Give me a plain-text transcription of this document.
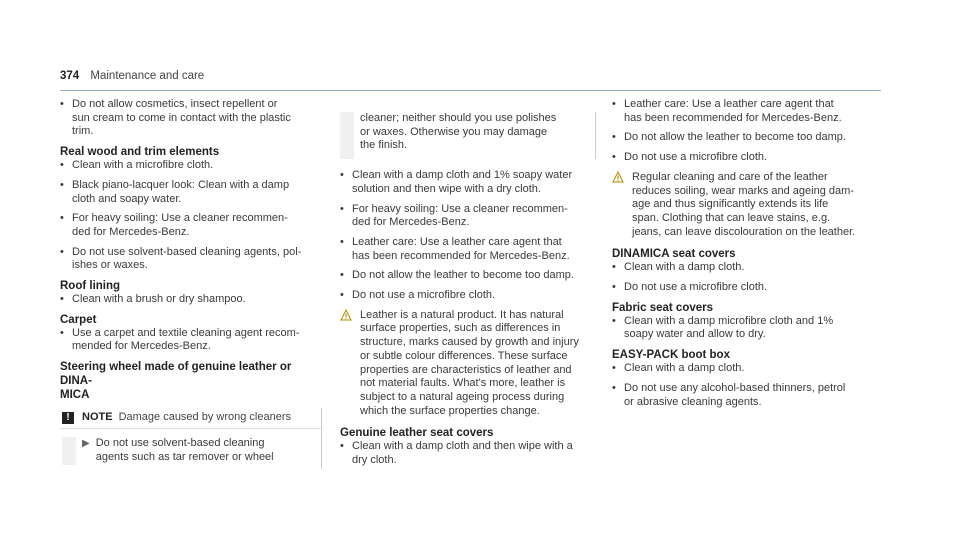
374 Maintenance and care
• Do not allow cosmetics, insect repellent or
sun cream to come in contact with the plastic
trim.
Real wood and trim elements
• Clean with a microfibre cloth.
• Black piano-lacquer look: Clean with a damp
cloth and soapy water.
• For heavy soiling: Use a cleaner recommen-
ded for Mercedes-Benz.
• Do not use solvent-based cleaning agents, pol-
ishes or waxes.
Roof lining
• Clean with a brush or dry shampoo.
Carpet
• Use a carpet and textile cleaning agent recom-
mended for Mercedes-Benz.
Steering wheel made of genuine leather or DINA-
MICA
!	NOTE Damage caused by wrong cleaners
▶ Do not use solvent-based cleaning
agents such as tar remover or wheel
cleaner; neither should you use polishes
or waxes. Otherwise you may damage
the finish.
• Clean with a damp cloth and 1% soapy water
solution and then wipe with a dry cloth.
• For heavy soiling: Use a cleaner recommen-
ded for Mercedes-Benz.
• Leather care: Use a leather care agent that
has been recommended for Mercedes-Benz.
• Do not allow the leather to become too damp.
• Do not use a microfibre cloth.
Leather is a natural product. It has natural
surface properties, such as differences in
structure, marks caused by growth and injury
or subtle colour differences. These surface
properties are characteristics of leather and
not material faults. What's more, leather is
subject to a natural ageing process during
which the surface properties change.
Genuine leather seat covers
• Clean with a damp cloth and then wipe with a
dry cloth.
• Leather care: Use a leather care agent that
has been recommended for Mercedes-Benz.
• Do not allow the leather to become too damp.
• Do not use a microfibre cloth.
Regular cleaning and care of the leather
reduces soiling, wear marks and ageing dam-
age and thus significantly extends its life
span. Clothing that can leave stains, e.g.
jeans, can leave discolouration on the leather.
DINAMICA seat covers
• Clean with a damp cloth.
• Do not use a microfibre cloth.
Fabric seat covers
• Clean with a damp microfibre cloth and 1%
soapy water and allow to dry.
EASY-PACK boot box
• Clean with a damp cloth.
• Do not use any alcohol-based thinners, petrol
or abrasive cleaning agents.
